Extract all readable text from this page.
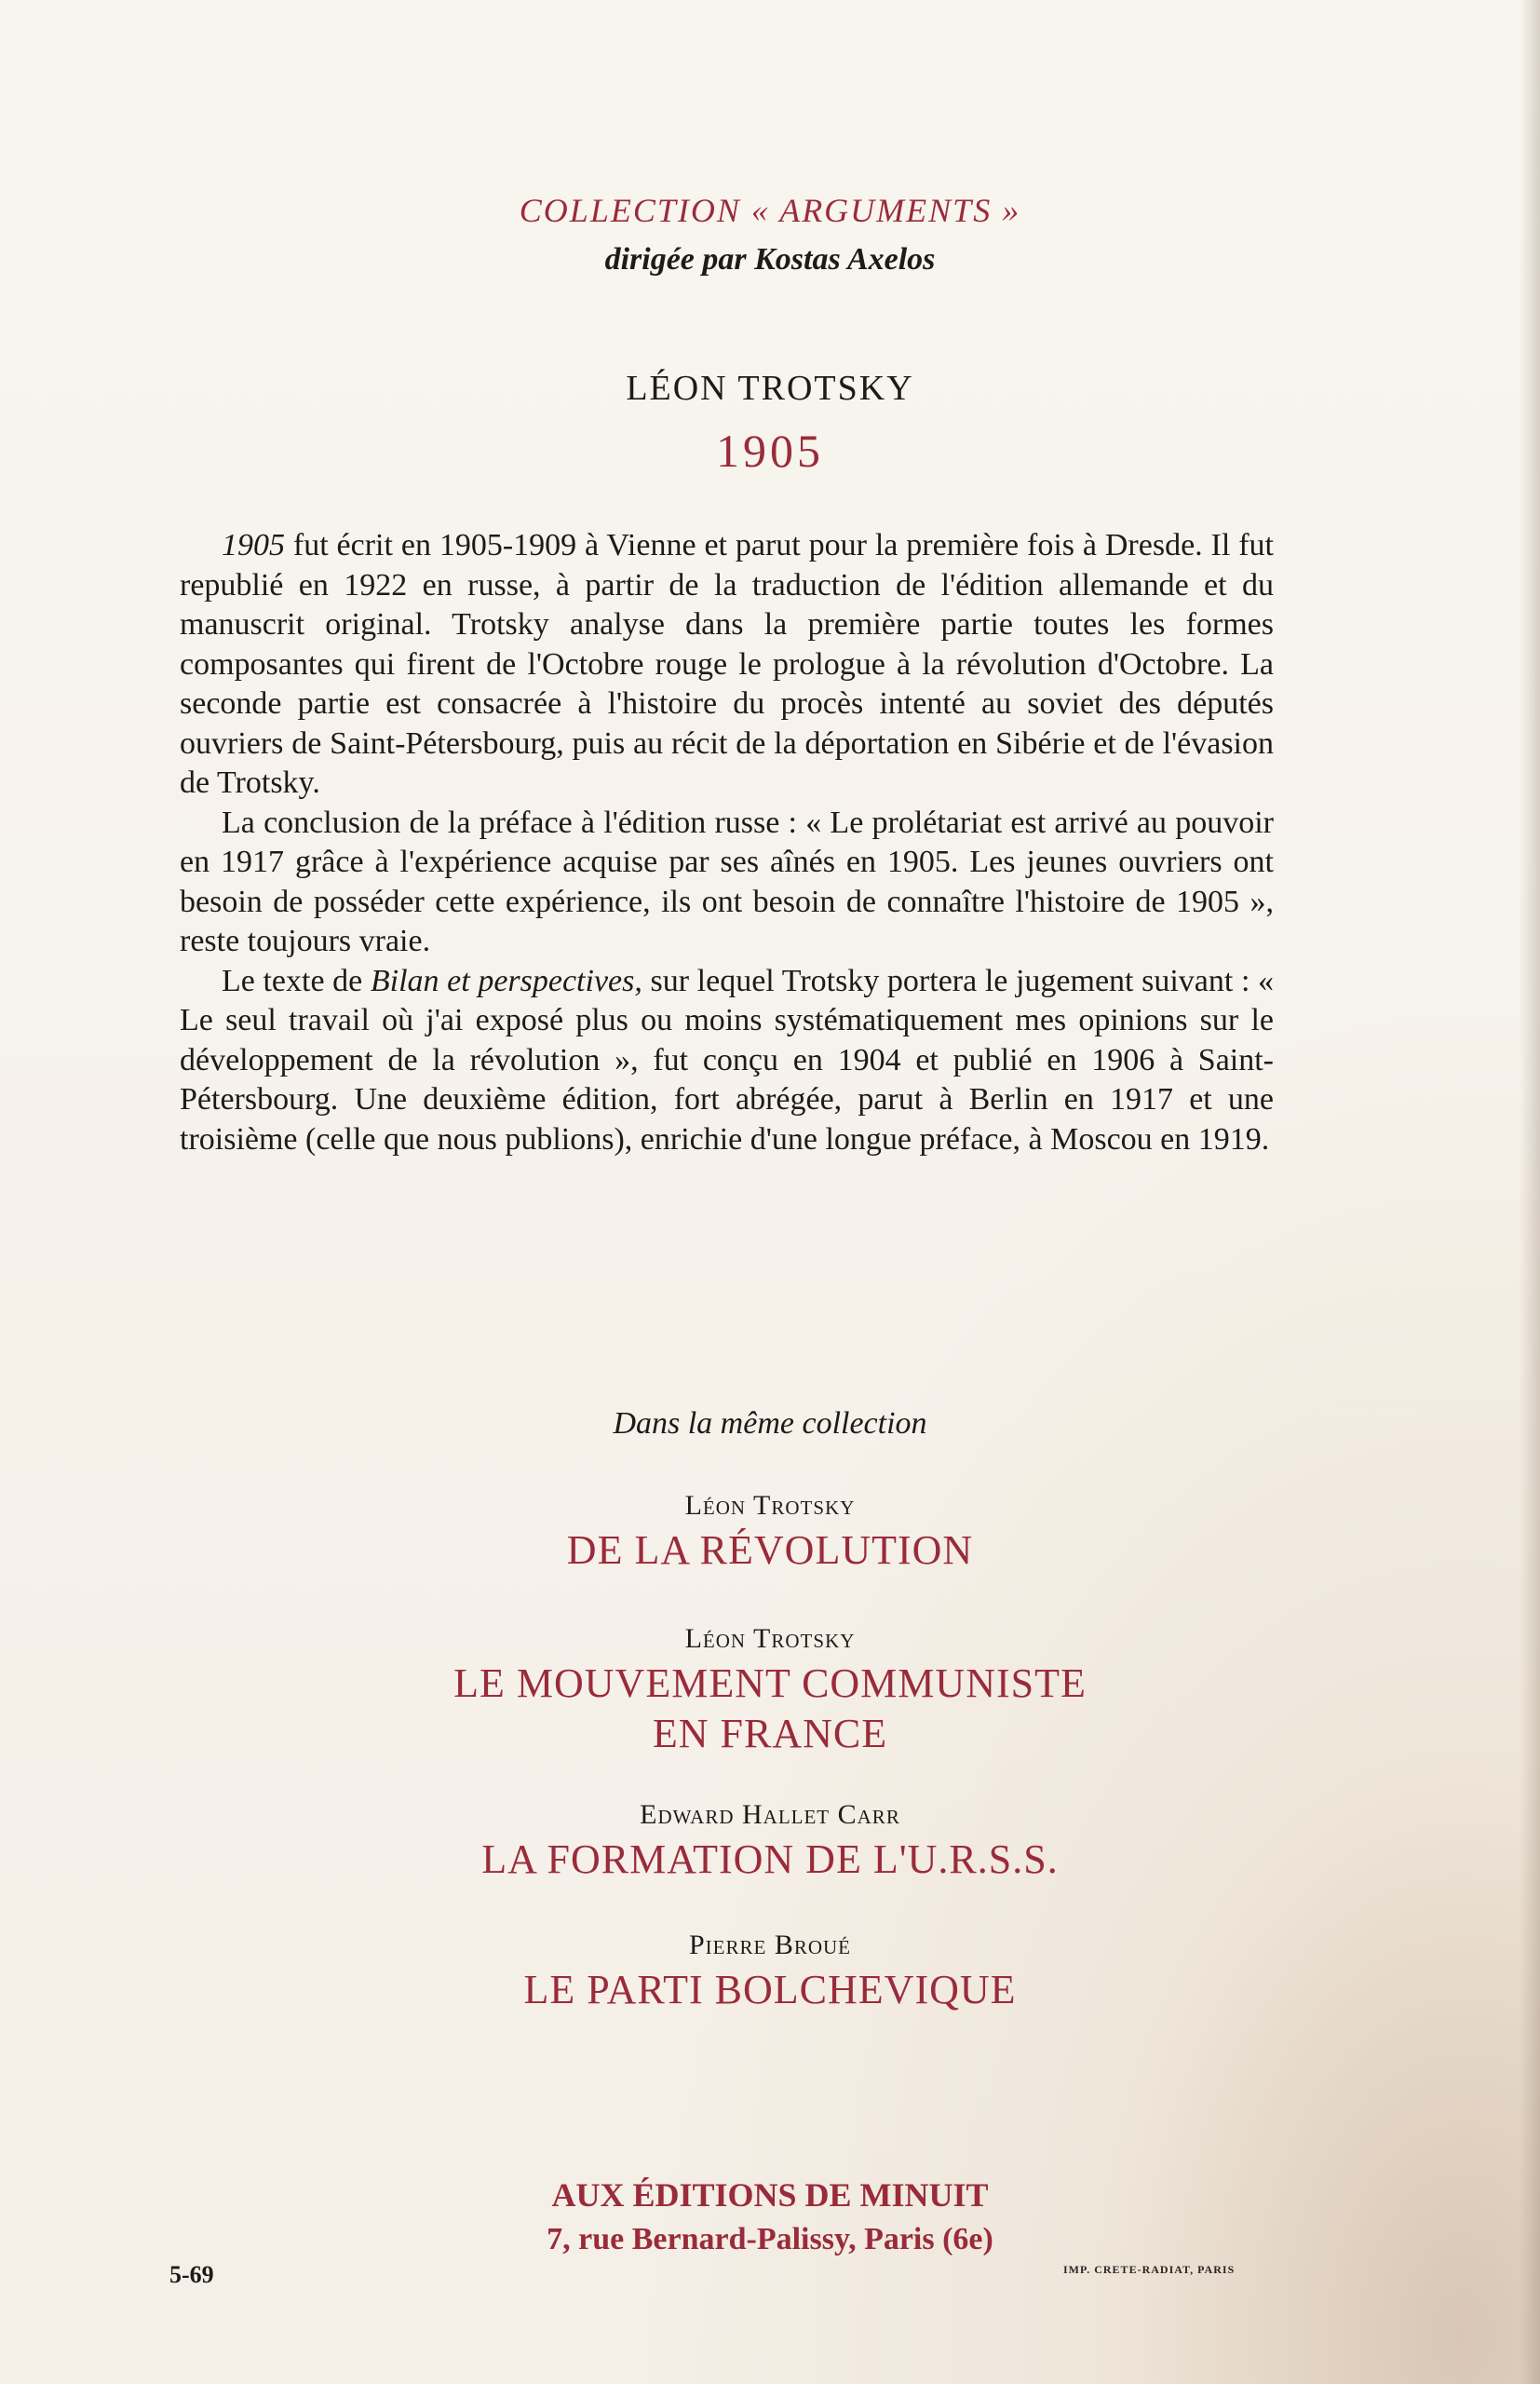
COLLECTION « ARGUMENTS »
dirigée par Kostas Axelos
LÉON TROTSKY
1905

1905 fut écrit en 1905-1909 à Vienne et parut pour la première fois à Dresde. Il fut republié en 1922 en russe, à partir de la traduction de l'édition allemande et du manuscrit original. Trotsky analyse dans la première partie toutes les formes composantes qui firent de l'Octobre rouge le prologue à la révolution d'Octobre. La seconde partie est consacrée à l'histoire du procès intenté au soviet des députés ouvriers de Saint-Pétersbourg, puis au récit de la déportation en Sibérie et de l'évasion de Trotsky.

La conclusion de la préface à l'édition russe : « Le prolétariat est arrivé au pouvoir en 1917 grâce à l'expérience acquise par ses aînés en 1905. Les jeunes ouvriers ont besoin de posséder cette expérience, ils ont besoin de connaître l'histoire de 1905 », reste toujours vraie.

Le texte de Bilan et perspectives, sur lequel Trotsky portera le jugement suivant : « Le seul travail où j'ai exposé plus ou moins systématiquement mes opinions sur le développement de la révolution », fut conçu en 1904 et publié en 1906 à Saint-Pétersbourg. Une deuxième édition, fort abrégée, parut à Berlin en 1917 et une troisième (celle que nous publions), enrichie d'une longue préface, à Moscou en 1919.

Dans la même collection
Léon Trotsky
DE LA RÉVOLUTION
Léon Trotsky
LE MOUVEMENT COMMUNISTE
EN FRANCE
Edward Hallet Carr
LA FORMATION DE L'U.R.S.S.
Pierre Broué
LE PARTI BOLCHEVIQUE
AUX ÉDITIONS DE MINUIT
7, rue Bernard-Palissy, Paris (6e)
5-69	IMP. CRETE-RADIAT, PARIS
